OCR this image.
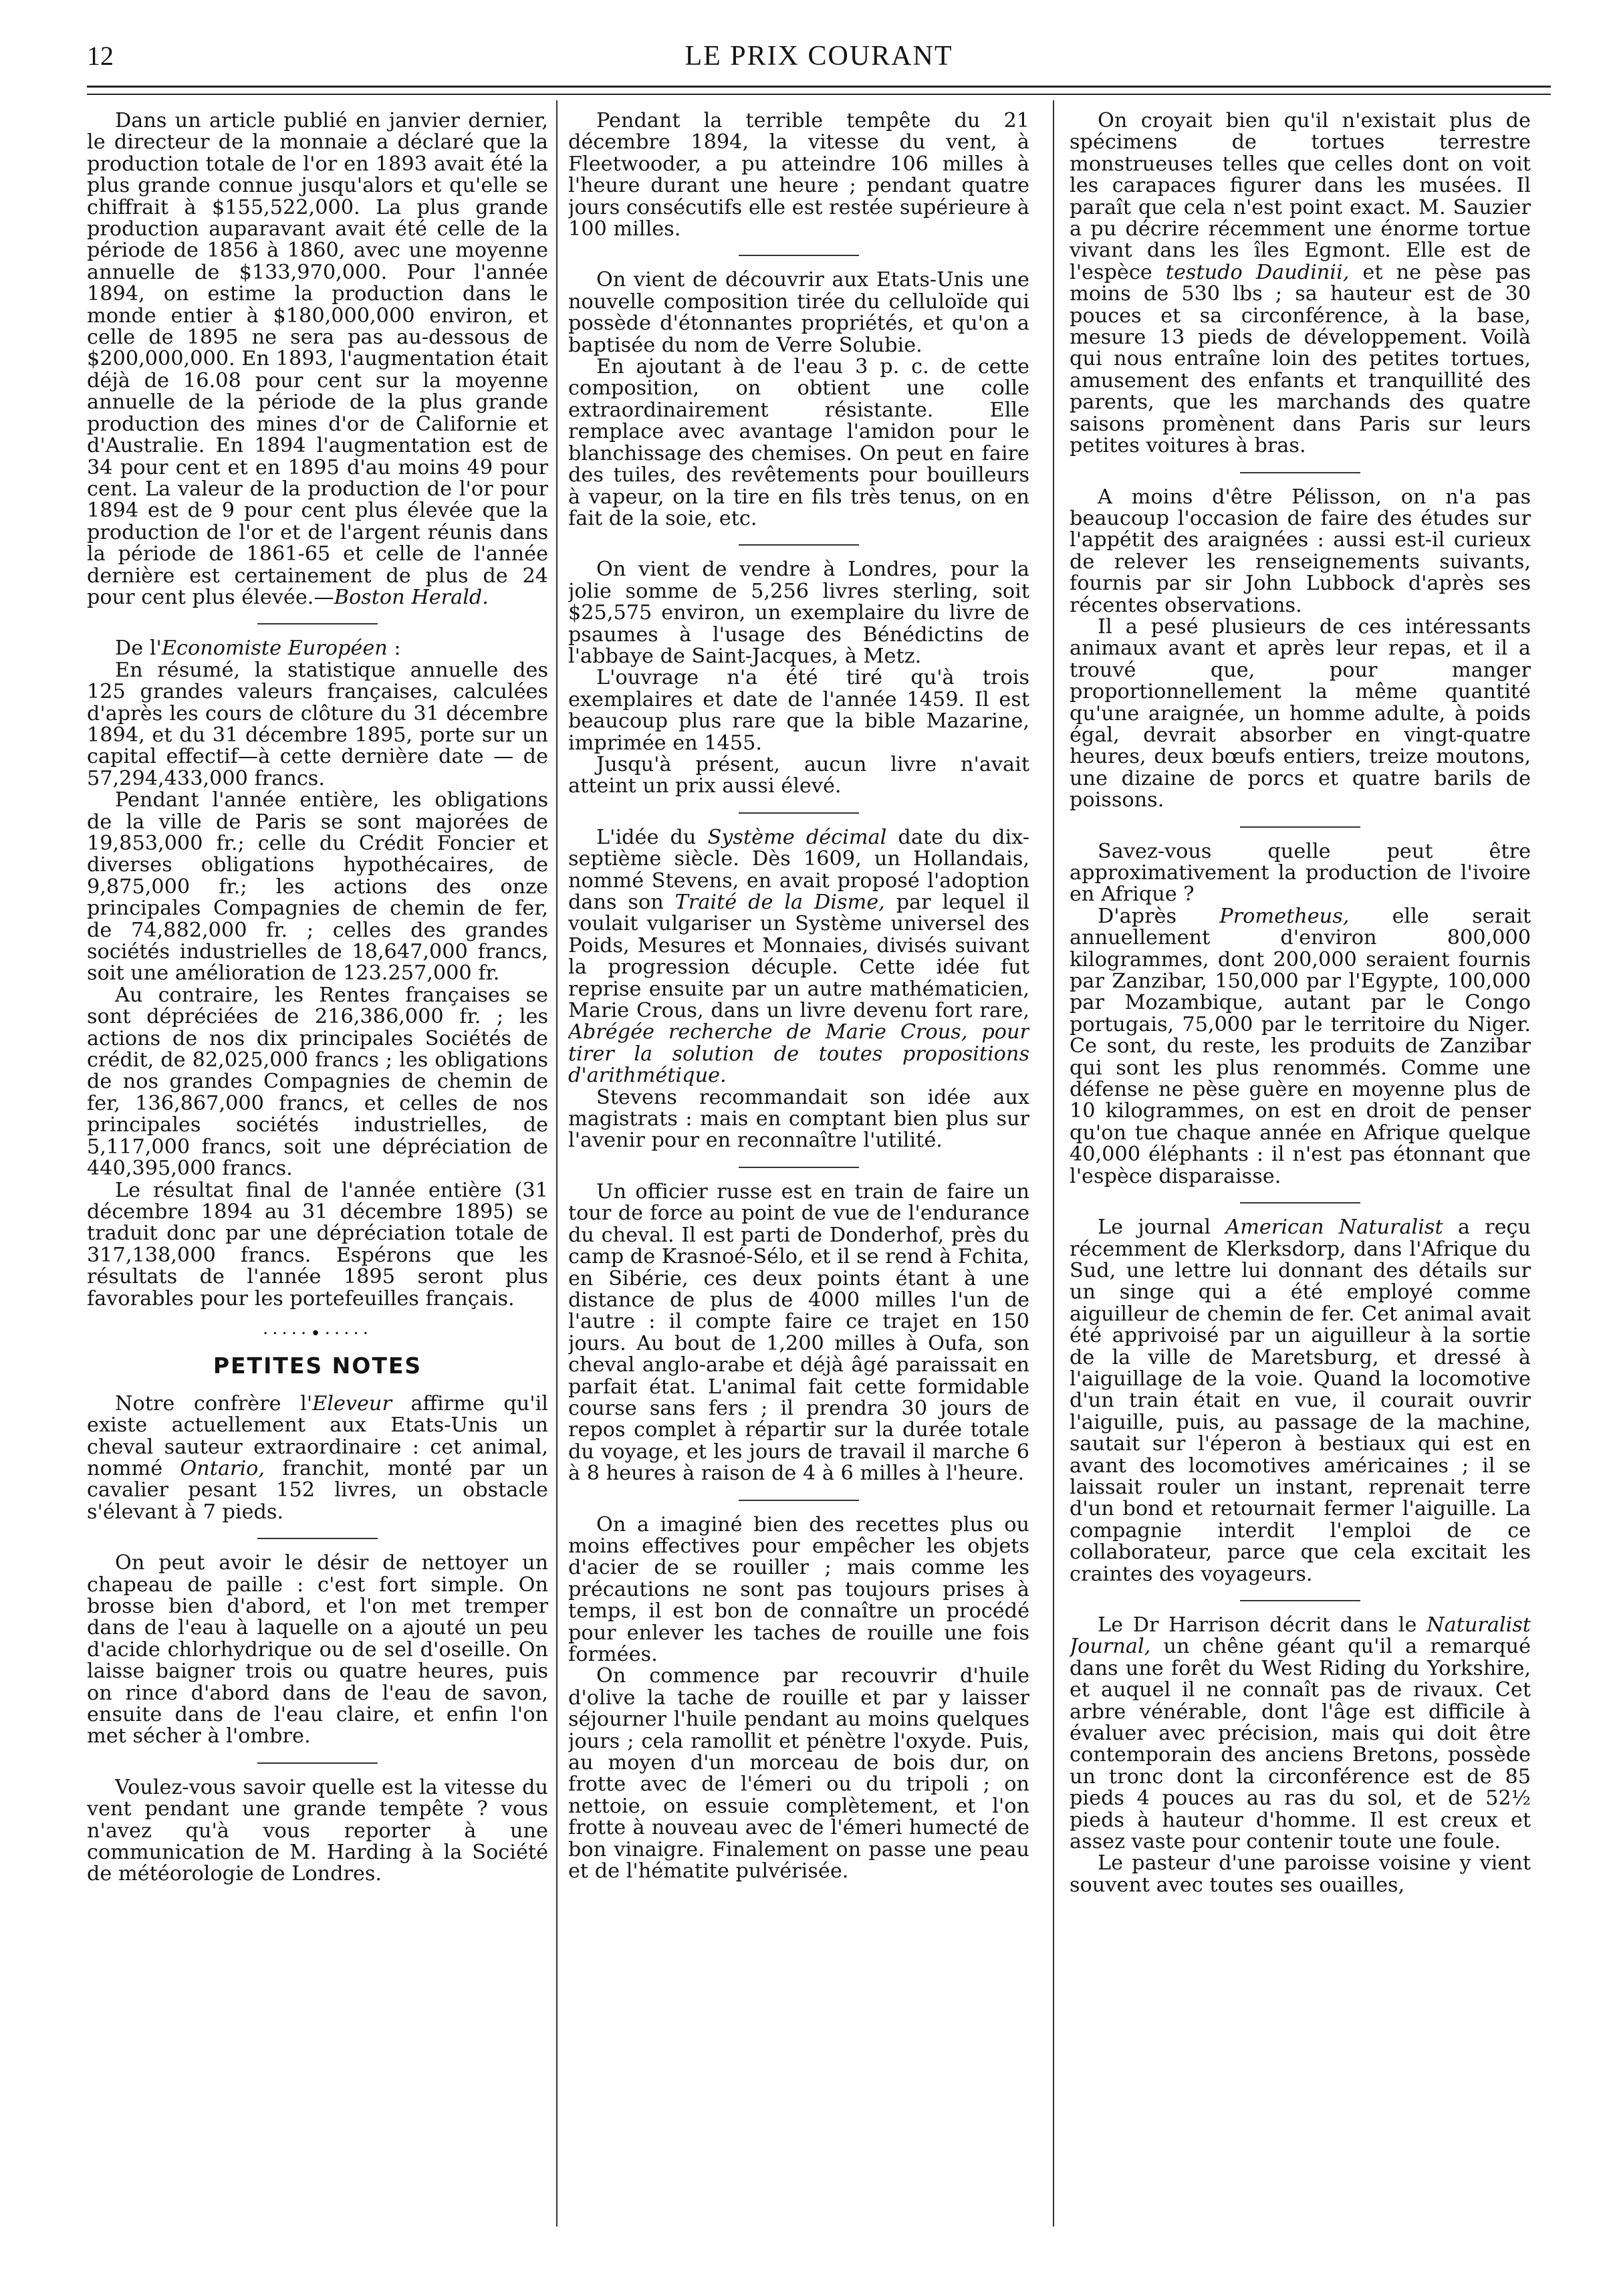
12	LE PRIX COURANT

Dans un article publié en janvier dernier, le directeur de la monnaie a déclaré que la production totale de l'or en 1893 avait été la plus grande connue jusqu'alors et qu'elle se chiffrait à $155,522,000. La plus grande production auparavant avait été celle de la période de 1856 à 1860, avec une moyenne annuelle de $133,970,000. Pour l'année 1894, on estime la production dans le monde entier à $180,000,000 environ, et celle de 1895 ne sera pas au-dessous de $200,000,000. En 1893, l'augmentation était déjà de 16.08 pour cent sur la moyenne annuelle de la période de la plus grande production des mines d'or de Californie et d'Australie. En 1894 l'augmentation est de 34 pour cent et en 1895 d'au moins 49 pour cent. La valeur de la production de l'or pour 1894 est de 9 pour cent plus élevée que la production de l'or et de l'argent réunis dans la période de 1861-65 et celle de l'année dernière est certainement de plus de 24 pour cent plus élevée.—Boston Herald.

De l'Economiste Européen :

En résumé, la statistique annuelle des 125 grandes valeurs françaises, calculées d'après les cours de clôture du 31 décembre 1894, et du 31 décembre 1895, porte sur un capital effectif—à cette dernière date — de 57,294,433,000 francs.

Pendant l'année entière, les obligations de la ville de Paris se sont majorées de 19,853,000 fr.; celle du Crédit Foncier et diverses obligations hypothécaires, de 9,875,000 fr.; les actions des onze principales Compagnies de chemin de fer, de 74,882,000 fr. ; celles des grandes sociétés industrielles de 18,647,000 francs, soit une amélioration de 123.257,000 fr.

Au contraire, les Rentes françaises se sont dépréciées de 216,386,000 fr. ; les actions de nos dix principales Sociétés de crédit, de 82,025,000 francs ; les obligations de nos grandes Compagnies de chemin de fer, 136,867,000 francs, et celles de nos principales sociétés industrielles, de 5,117,000 francs, soit une dépréciation de 440,395,000 francs.

Le résultat final de l'année entière (31 décembre 1894 au 31 décembre 1895) se traduit donc par une dépréciation totale de 317,138,000 francs. Espérons que les résultats de l'année 1895 seront plus favorables pour les portefeuilles français.

·····•·····
PETITES NOTES

Notre confrère l'Eleveur affirme qu'il existe actuellement aux Etats-Unis un cheval sauteur extraordinaire : cet animal, nommé Ontario, franchit, monté par un cavalier pesant 152 livres, un obstacle s'élevant à 7 pieds.

On peut avoir le désir de nettoyer un chapeau de paille : c'est fort simple. On brosse bien d'abord, et l'on met tremper dans de l'eau à laquelle on a ajouté un peu d'acide chlorhydrique ou de sel d'oseille. On laisse baigner trois ou quatre heures, puis on rince d'abord dans de l'eau de savon, ensuite dans de l'eau claire, et enfin l'on met sécher à l'ombre.

Voulez-vous savoir quelle est la vitesse du vent pendant une grande tempête ? vous n'avez qu'à vous reporter à une communication de M. Harding à la Société de météorologie de Londres.

Pendant la terrible tempête du 21 décembre 1894, la vitesse du vent, à Fleetwooder, a pu atteindre 106 milles à l'heure durant une heure ; pendant quatre jours consécutifs elle est restée supérieure à 100 milles.

On vient de découvrir aux Etats-Unis une nouvelle composition tirée du celluloïde qui possède d'étonnantes propriétés, et qu'on a baptisée du nom de Verre Solubie.

En ajoutant à de l'eau 3 p. c. de cette composition, on obtient une colle extraordinairement résistante. Elle remplace avec avantage l'amidon pour le blanchissage des chemises. On peut en faire des tuiles, des revêtements pour bouilleurs à vapeur, on la tire en fils très tenus, on en fait de la soie, etc.

On vient de vendre à Londres, pour la jolie somme de 5,256 livres sterling, soit $25,575 environ, un exemplaire du livre de psaumes à l'usage des Bénédictins de l'abbaye de Saint-Jacques, à Metz.

L'ouvrage n'a été tiré qu'à trois exemplaires et date de l'année 1459. Il est beaucoup plus rare que la bible Mazarine, imprimée en 1455.

Jusqu'à présent, aucun livre n'avait atteint un prix aussi élevé.

L'idée du Système décimal date du dix-septième siècle. Dès 1609, un Hollandais, nommé Stevens, en avait proposé l'adoption dans son Traité de la Disme, par lequel il voulait vulgariser un Système universel des Poids, Mesures et Monnaies, divisés suivant la progression décuple. Cette idée fut reprise ensuite par un autre mathématicien, Marie Crous, dans un livre devenu fort rare, Abrégée recherche de Marie Crous, pour tirer la solution de toutes propositions d'arithmétique.

Stevens recommandait son idée aux magistrats : mais en comptant bien plus sur l'avenir pour en reconnaître l'utilité.

Un officier russe est en train de faire un tour de force au point de vue de l'endurance du cheval. Il est parti de Donderhof, près du camp de Krasnoé-Sélo, et il se rend à Fchita, en Sibérie, ces deux points étant à une distance de plus de 4000 milles l'un de l'autre : il compte faire ce trajet en 150 jours. Au bout de 1,200 milles à Oufa, son cheval anglo-arabe et déjà âgé paraissait en parfait état. L'animal fait cette formidable course sans fers ; il prendra 30 jours de repos complet à répartir sur la durée totale du voyage, et les jours de travail il marche 6 à 8 heures à raison de 4 à 6 milles à l'heure.

On a imaginé bien des recettes plus ou moins effectives pour empêcher les objets d'acier de se rouiller ; mais comme les précautions ne sont pas toujours prises à temps, il est bon de connaître un procédé pour enlever les taches de rouille une fois formées.

On commence par recouvrir d'huile d'olive la tache de rouille et par y laisser séjourner l'huile pendant au moins quelques jours ; cela ramollit et pénètre l'oxyde. Puis, au moyen d'un morceau de bois dur, on frotte avec de l'émeri ou du tripoli ; on nettoie, on essuie complètement, et l'on frotte à nouveau avec de l'émeri humecté de bon vinaigre. Finalement on passe une peau et de l'hématite pulvérisée.

On croyait bien qu'il n'existait plus de spécimens de tortues terrestre monstrueuses telles que celles dont on voit les carapaces figurer dans les musées. Il paraît que cela n'est point exact. M. Sauzier a pu décrire récemment une énorme tortue vivant dans les îles Egmont. Elle est de l'espèce testudo Daudinii, et ne pèse pas moins de 530 lbs ; sa hauteur est de 30 pouces et sa circonférence, à la base, mesure 13 pieds de développement. Voilà qui nous entraîne loin des petites tortues, amusement des enfants et tranquillité des parents, que les marchands des quatre saisons promènent dans Paris sur leurs petites voitures à bras.

A moins d'être Pélisson, on n'a pas beaucoup l'occasion de faire des études sur l'appétit des araignées : aussi est-il curieux de relever les renseignements suivants, fournis par sir John Lubbock d'après ses récentes observations.

Il a pesé plusieurs de ces intéressants animaux avant et après leur repas, et il a trouvé que, pour manger proportionnellement la même quantité qu'une araignée, un homme adulte, à poids égal, devrait absorber en vingt-quatre heures, deux bœufs entiers, treize moutons, une dizaine de porcs et quatre barils de poissons.

Savez-vous quelle peut être approximativement la production de l'ivoire en Afrique ?

D'après Prometheus, elle serait annuellement d'environ 800,000 kilogrammes, dont 200,000 seraient fournis par Zanzibar, 150,000 par l'Egypte, 100,000 par Mozambique, autant par le Congo portugais, 75,000 par le territoire du Niger. Ce sont, du reste, les produits de Zanzibar qui sont les plus renommés. Comme une défense ne pèse guère en moyenne plus de 10 kilogrammes, on est en droit de penser qu'on tue chaque année en Afrique quelque 40,000 éléphants : il n'est pas étonnant que l'espèce disparaisse.

Le journal American Naturalist a reçu récemment de Klerksdorp, dans l'Afrique du Sud, une lettre lui donnant des détails sur un singe qui a été employé comme aiguilleur de chemin de fer. Cet animal avait été apprivoisé par un aiguilleur à la sortie de la ville de Maretsburg, et dressé à l'aiguillage de la voie. Quand la locomotive d'un train était en vue, il courait ouvrir l'aiguille, puis, au passage de la machine, sautait sur l'éperon à bestiaux qui est en avant des locomotives américaines ; il se laissait rouler un instant, reprenait terre d'un bond et retournait fermer l'aiguille. La compagnie interdit l'emploi de ce collaborateur, parce que cela excitait les craintes des voyageurs.

Le Dr Harrison décrit dans le Naturalist Journal, un chêne géant qu'il a remarqué dans une forêt du West Riding du Yorkshire, et auquel il ne connaît pas de rivaux. Cet arbre vénérable, dont l'âge est difficile à évaluer avec précision, mais qui doit être contemporain des anciens Bretons, possède un tronc dont la circonférence est de 85 pieds 4 pouces au ras du sol, et de 52½ pieds à hauteur d'homme. Il est creux et assez vaste pour contenir toute une foule.

Le pasteur d'une paroisse voisine y vient souvent avec toutes ses ouailles,
